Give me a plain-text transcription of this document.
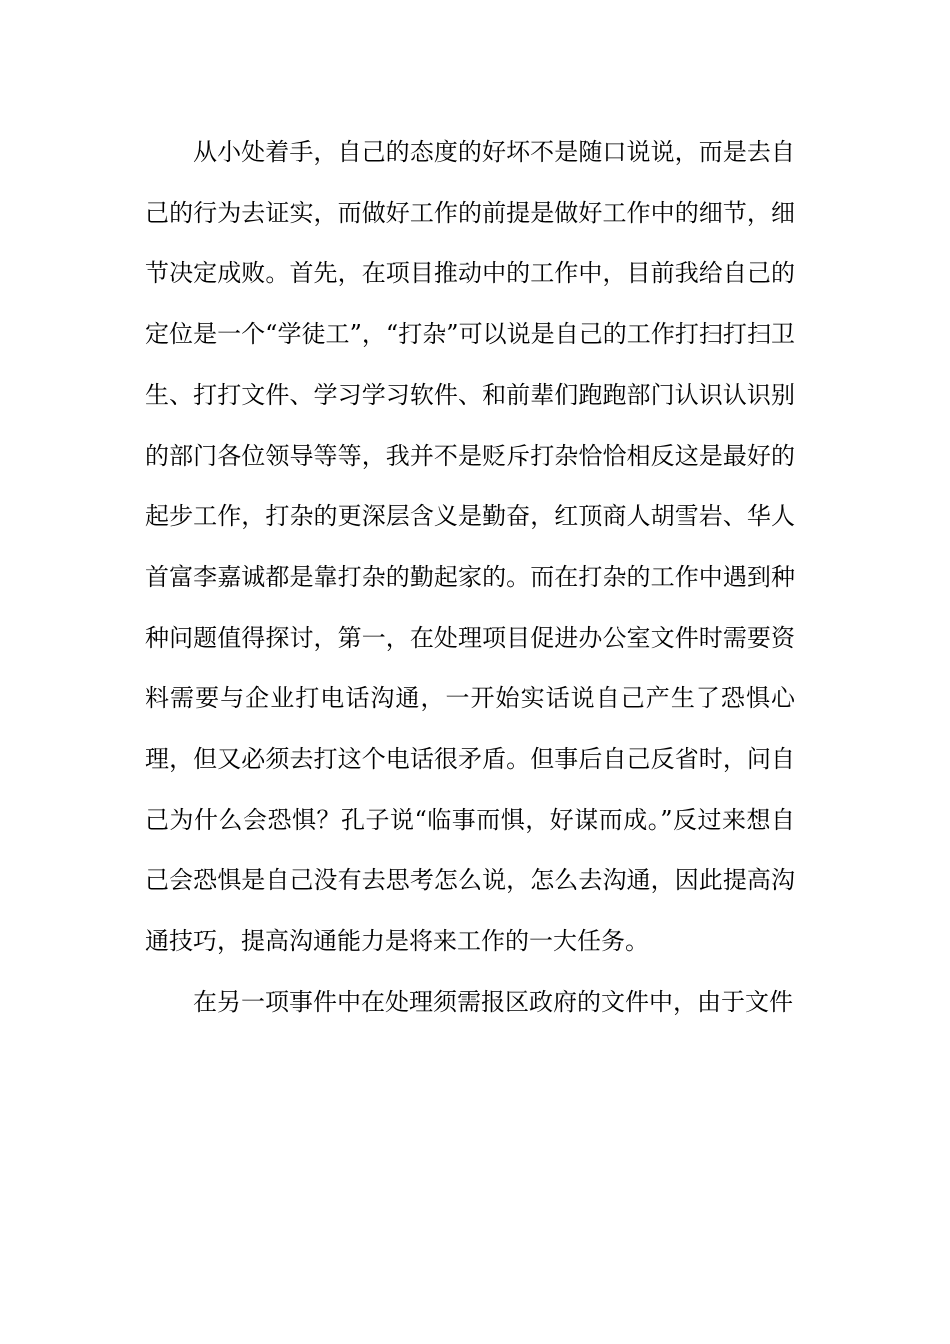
从小处着手，自己的态度的好坏不是随口说说，而是去自己的行为去证实，而做好工作的前提是做好工作中的细节，细节决定成败。首先，在项目推动中的工作中，目前我给自己的定位是一个“学徒工”，“打杂”可以说是自己的工作打扫打扫卫生、打打文件、学习学习软件、和前辈们跑跑部门认识认识别的部门各位领导等等，我并不是贬斥打杂恰恰相反这是最好的起步工作，打杂的更深层含义是勤奋，红顶商人胡雪岩、华人首富李嘉诚都是靠打杂的勤起家的。而在打杂的工作中遇到种种问题值得探讨，第一，在处理项目促进办公室文件时需要资料需要与企业打电话沟通，一开始实话说自己产生了恐惧心理，但又必须去打这个电话很矛盾。但事后自己反省时，问自己为什么会恐惧？孔子说“临事而惧，好谋而成。”反过来想自己会恐惧是自己没有去思考怎么说，怎么去沟通，因此提高沟通技巧，提高沟通能力是将来工作的一大任务。

在另一项事件中在处理须需报区政府的文件中，由于文件
